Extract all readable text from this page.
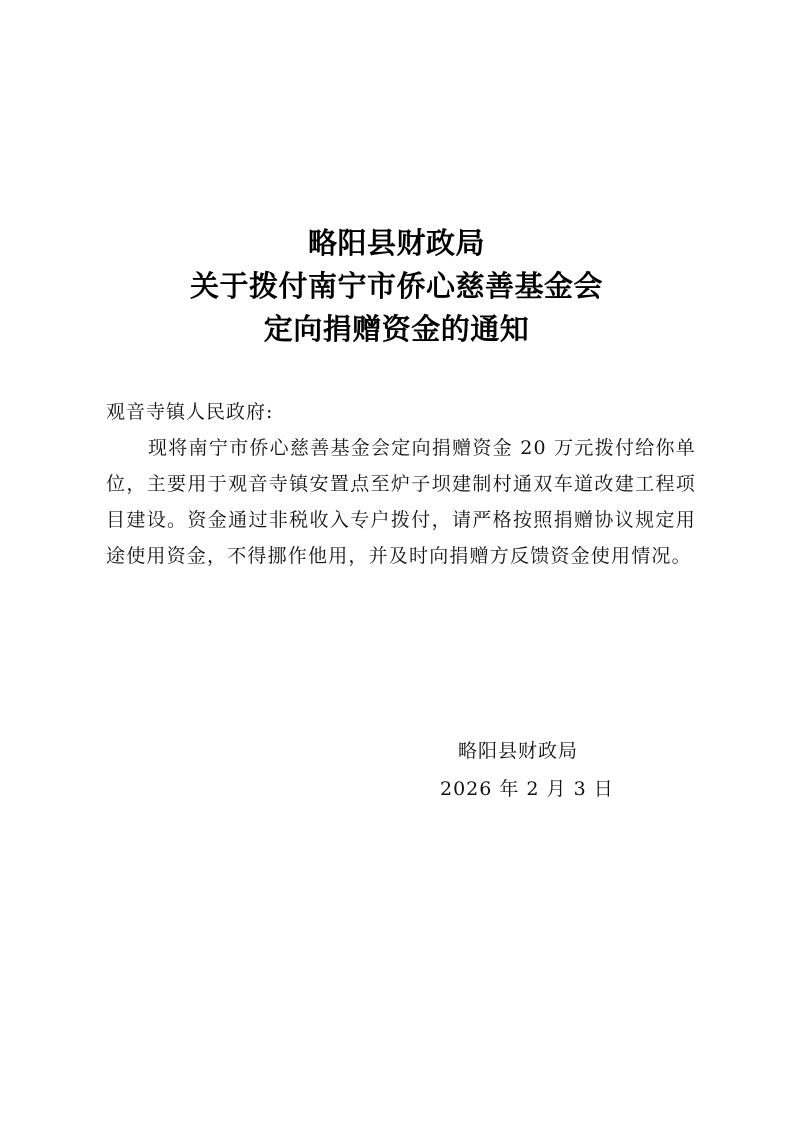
略阳县财政局
关于拨付南宁市侨心慈善基金会
定向捐赠资金的通知
观音寺镇人民政府:

现将南宁市侨心慈善基金会定向捐赠资金 20 万元拨付给你单位，主要用于观音寺镇安置点至炉子坝建制村通双车道改建工程项目建设。资金通过非税收入专户拨付，请严格按照捐赠协议规定用途使用资金，不得挪作他用，并及时向捐赠方反馈资金使用情况。

略阳县财政局
2026 年 2 月 3 日
